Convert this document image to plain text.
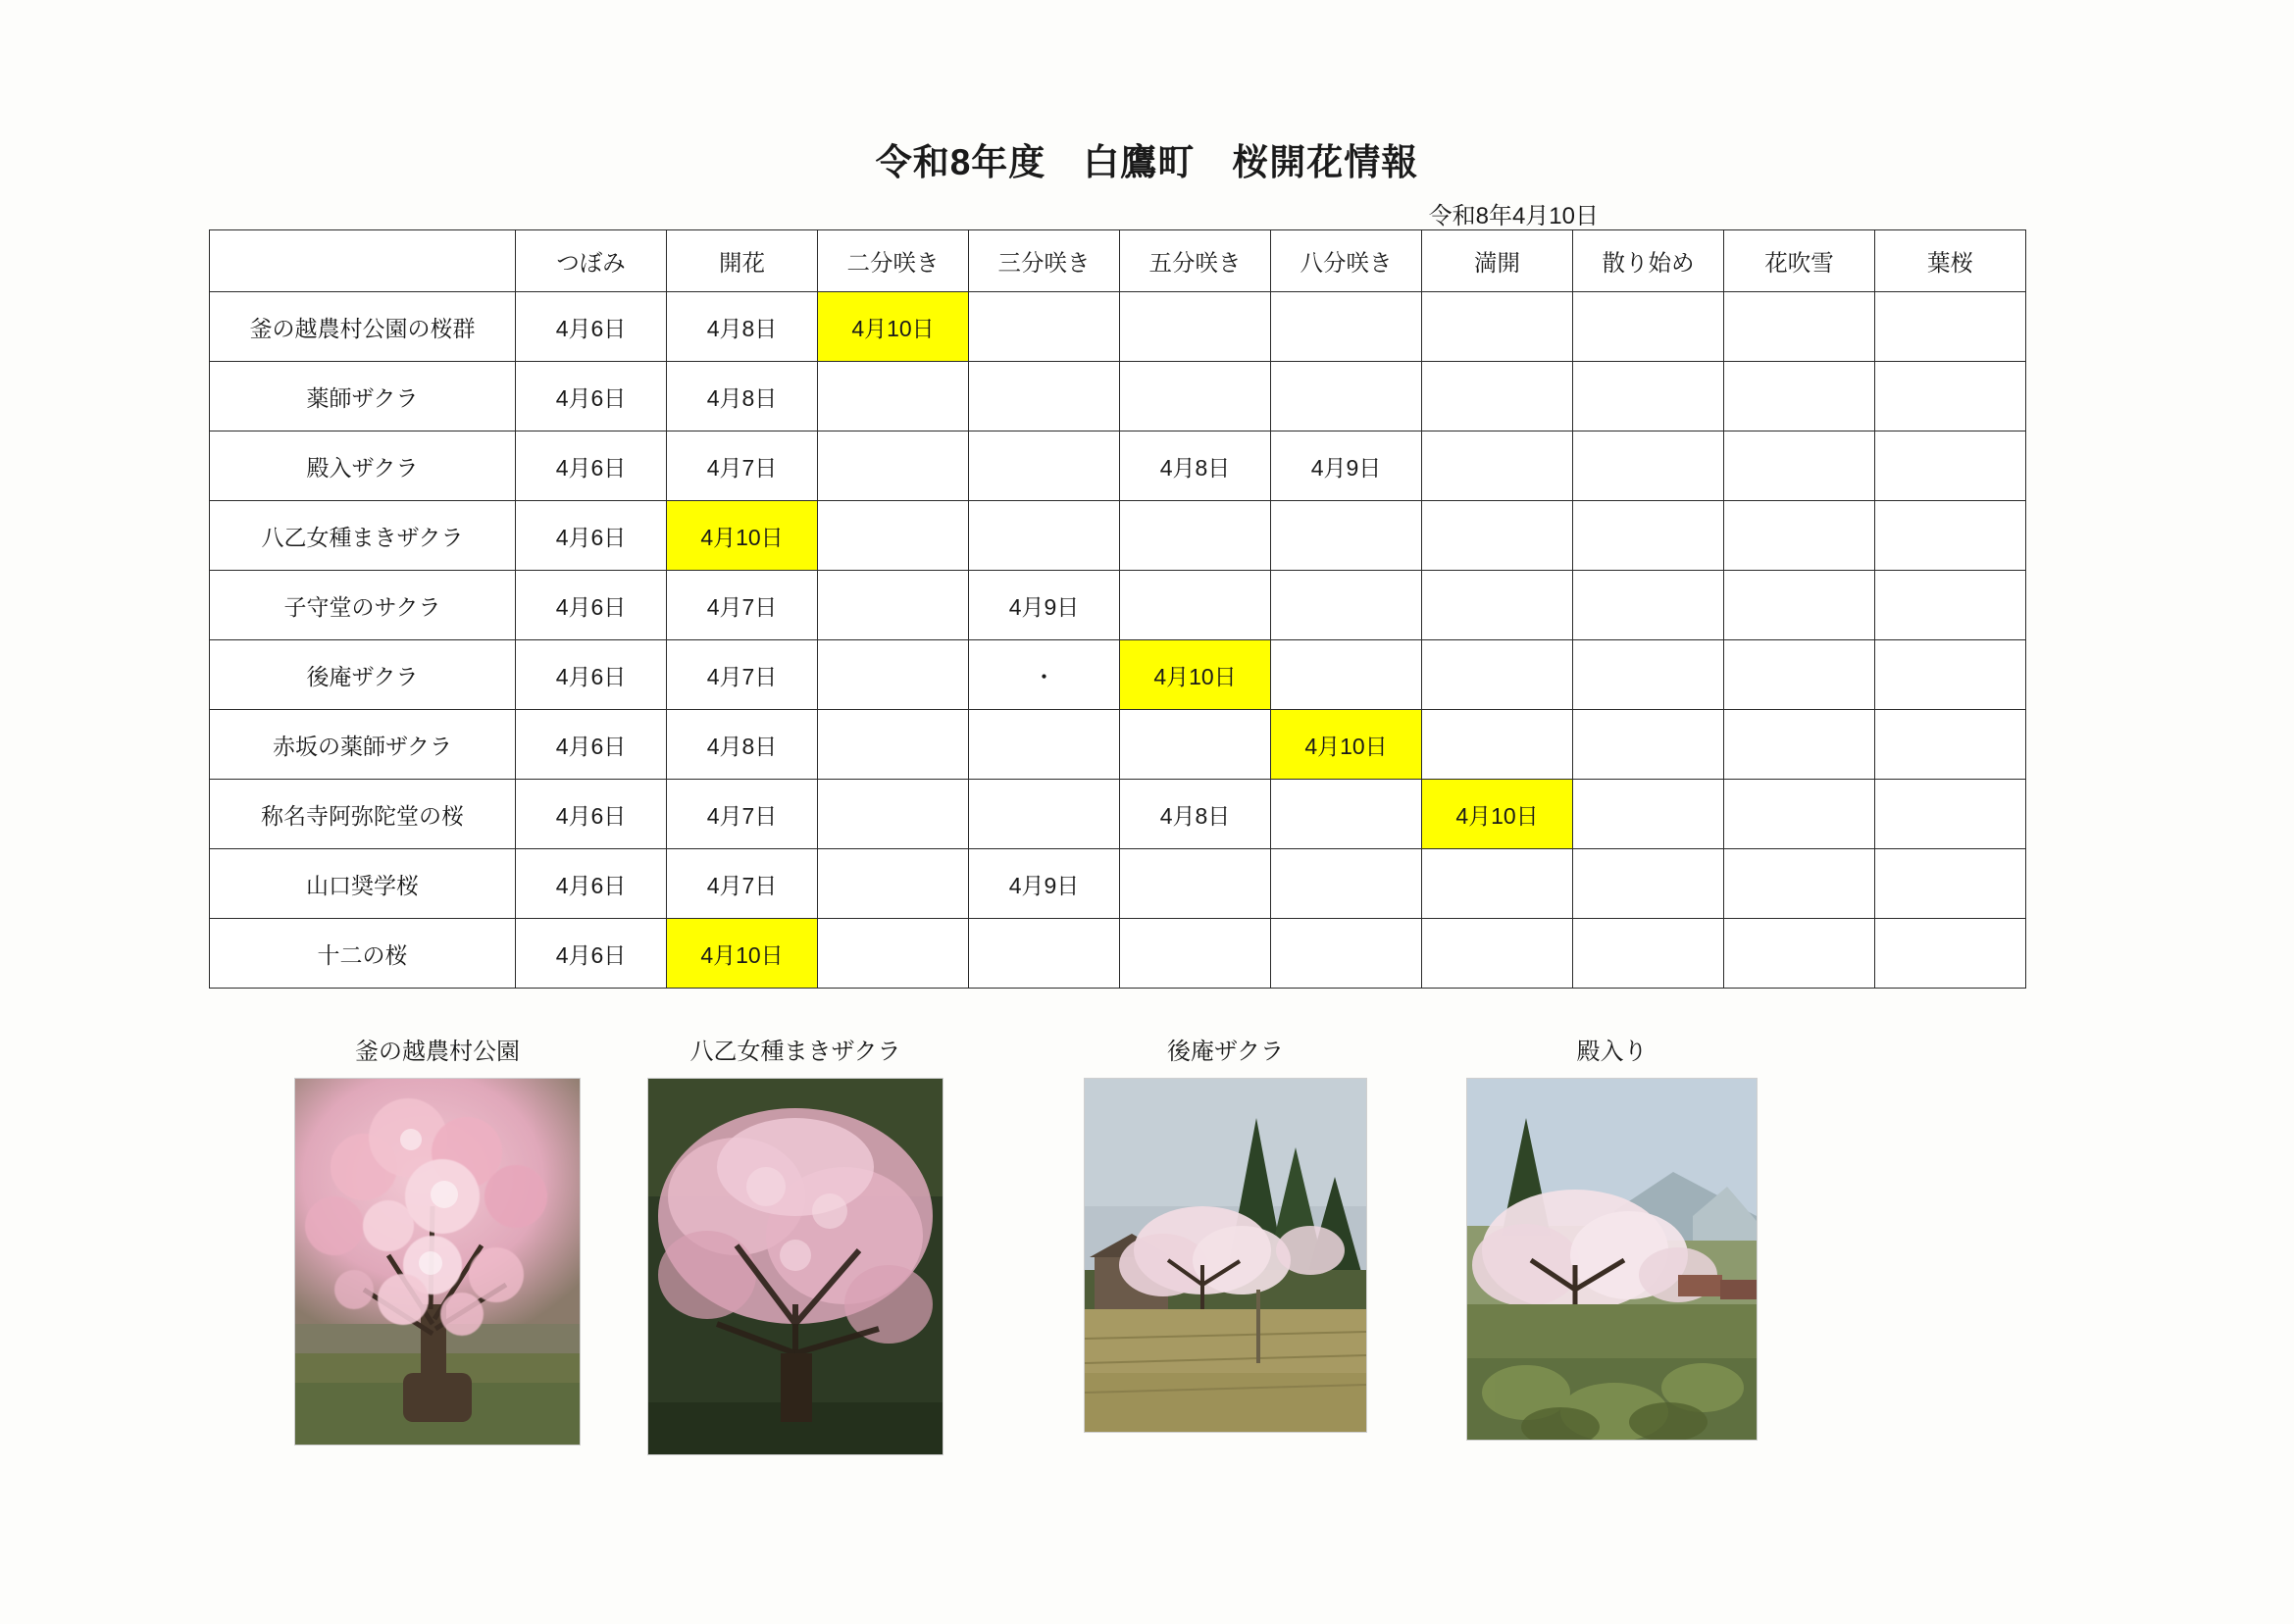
令和8年度　白鷹町　桜開花情報
令和8年4月10日
	つぼみ	開花	二分咲き	三分咲き	五分咲き	八分咲き	満開	散り始め	花吹雪	葉桜
釜の越農村公園の桜群	4月6日	4月8日	4月10日							
薬師ザクラ	4月6日	4月8日								
殿入ザクラ	4月6日	4月7日			4月8日	4月9日				
八乙女種まきザクラ	4月6日	4月10日								
子守堂のサクラ	4月6日	4月7日		4月9日						
後庵ザクラ	4月6日	4月7日		・	4月10日					
赤坂の薬師ザクラ	4月6日	4月8日				4月10日				
称名寺阿弥陀堂の桜	4月6日	4月7日			4月8日		4月10日			
山口奨学桜	4月6日	4月7日		4月9日						
十二の桜	4月6日	4月10日								
釜の越農村公園	八乙女種まきザクラ	後庵ザクラ	殿入り
